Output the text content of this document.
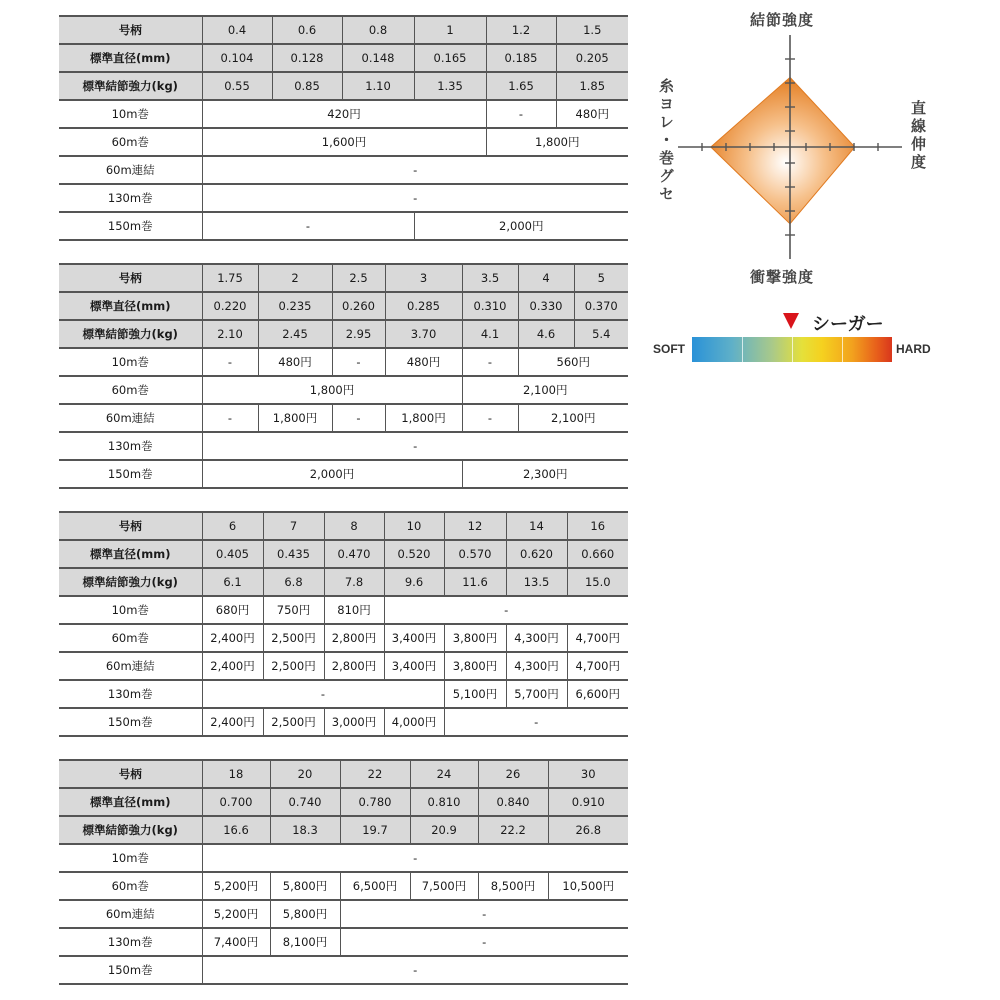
号柄	0.4	0.6	0.8	1	1.2	1.5
標準直径(mm)	0.104	0.128	0.148	0.165	0.185	0.205
標準結節強力(kg)	0.55	0.85	1.10	1.35	1.65	1.85
10m巻	420円				-	480円
60m巻	1,600円				1,800円	
60m連結	-					
130m巻	-					
150m巻	-			2,000円		
号柄	1.75	2	2.5	3	3.5	4	5
標準直径(mm)	0.220	0.235	0.260	0.285	0.310	0.330	0.370
標準結節強力(kg)	2.10	2.45	2.95	3.70	4.1	4.6	5.4
10m巻	-	480円	-	480円	-	560円	
60m巻	1,800円				2,100円		
60m連結	-	1,800円	-	1,800円	-	2,100円	
130m巻	-						
150m巻	2,000円				2,300円		
号柄	6	7	8	10	12	14	16
標準直径(mm)	0.405	0.435	0.470	0.520	0.570	0.620	0.660
標準結節強力(kg)	6.1	6.8	7.8	9.6	11.6	13.5	15.0
10m巻	680円	750円	810円	-			
60m巻	2,400円	2,500円	2,800円	3,400円	3,800円	4,300円	4,700円
60m連結	2,400円	2,500円	2,800円	3,400円	3,800円	4,300円	4,700円
130m巻	-				5,100円	5,700円	6,600円
150m巻	2,400円	2,500円	3,000円	4,000円	-		
号柄	18	20	22	24	26	30
標準直径(mm)	0.700	0.740	0.780	0.810	0.840	0.910
標準結節強力(kg)	16.6	18.3	19.7	20.9	22.2	26.8
10m巻	-					
60m巻	5,200円	5,800円	6,500円	7,500円	8,500円	10,500円
60m連結	5,200円	5,800円	-			
130m巻	7,400円	8,100円	-			
150m巻	-					
結節強度
衝撃強度
直線伸度
糸ヨレ・巻グセ
シーガー
SOFT	HARD
